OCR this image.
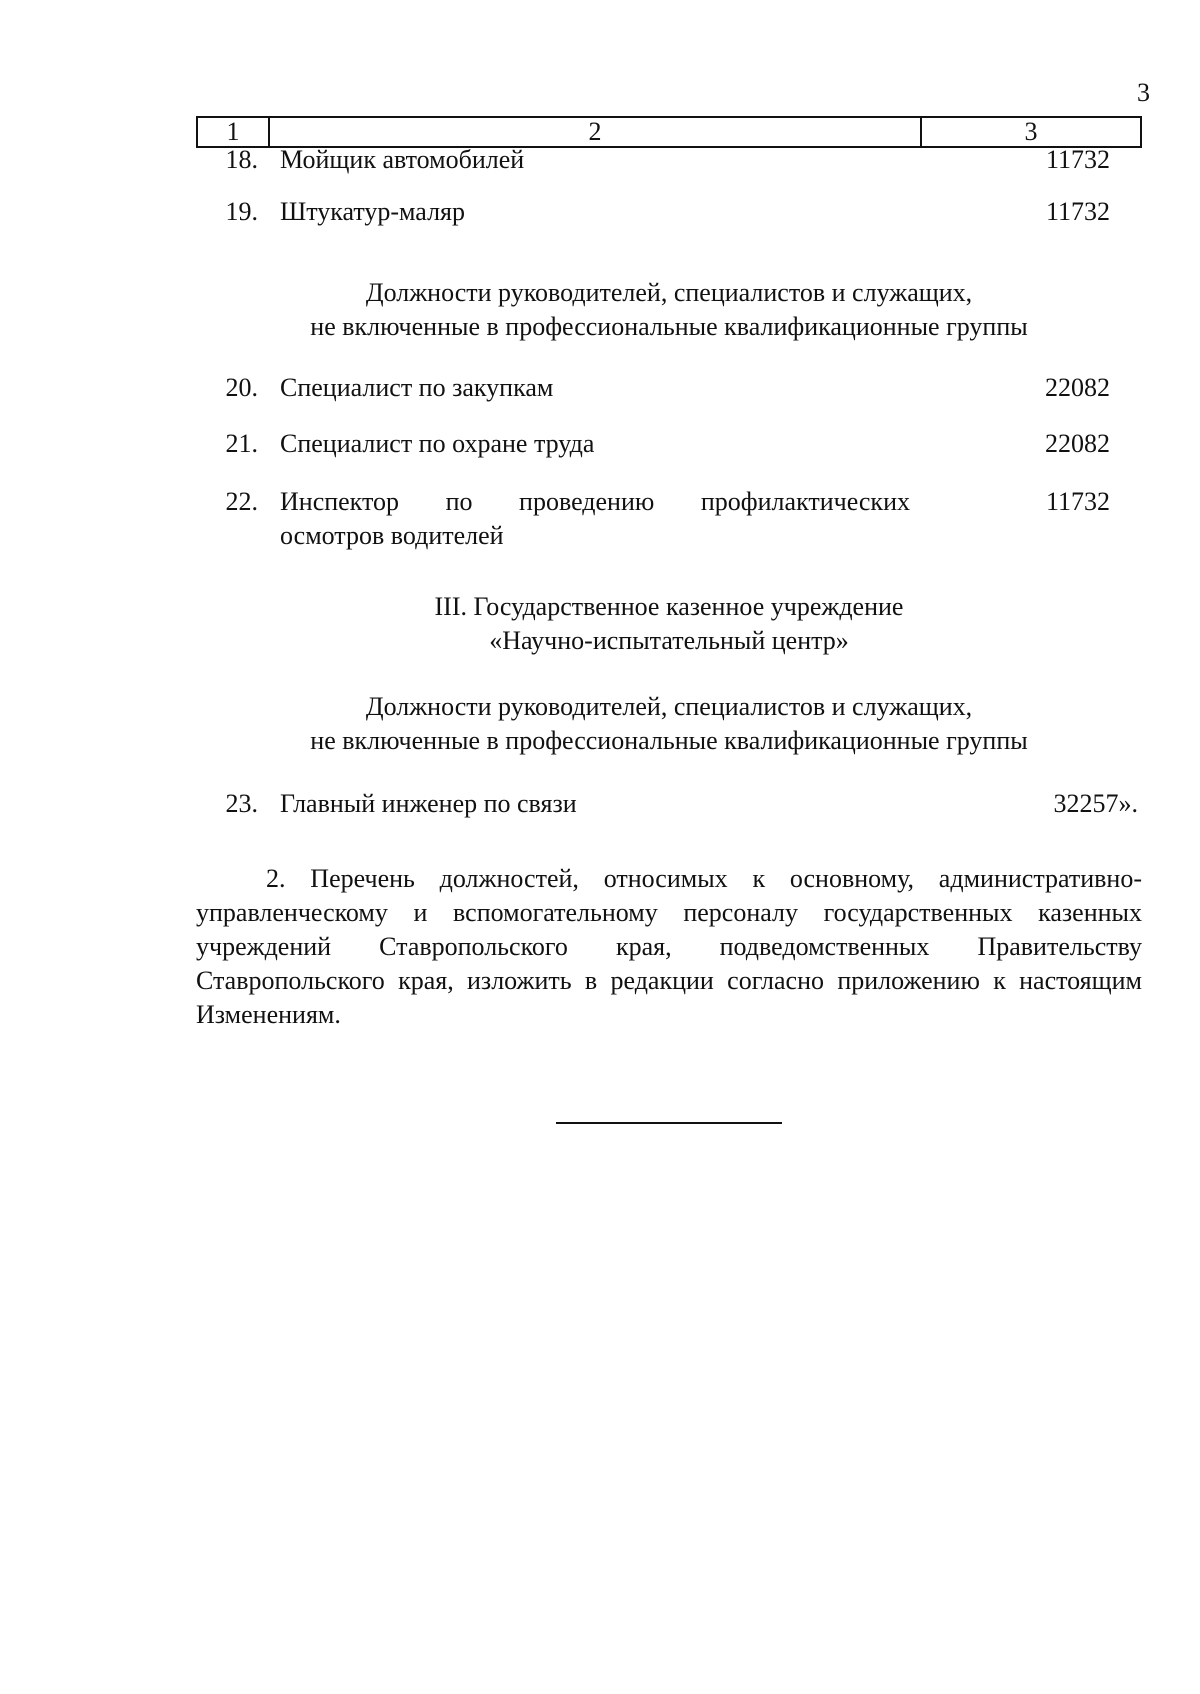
3
1	2	3
18. Мойщик автомобилей	11732
19. Штукатур-маляр	11732
Должности руководителей, специалистов и служащих,
не включенные в профессиональные квалификационные группы
20. Специалист по закупкам	22082
21. Специалист по охране труда	22082
22. Инспектор по проведению профилактических	11732
осмотров водителей
III. Государственное казенное учреждение
«Научно-испытательный центр»
Должности руководителей, специалистов и служащих,
не включенные в профессиональные квалификационные группы
23. Главный инженер по связи	32257».
2. Перечень должностей, относимых к основному, административно-управленческому и вспомогательному персоналу государственных казенных учреждений Ставропольского края, подведомственных Правительству Ставропольского края, изложить в редакции согласно приложению к настоящим Изменениям.
